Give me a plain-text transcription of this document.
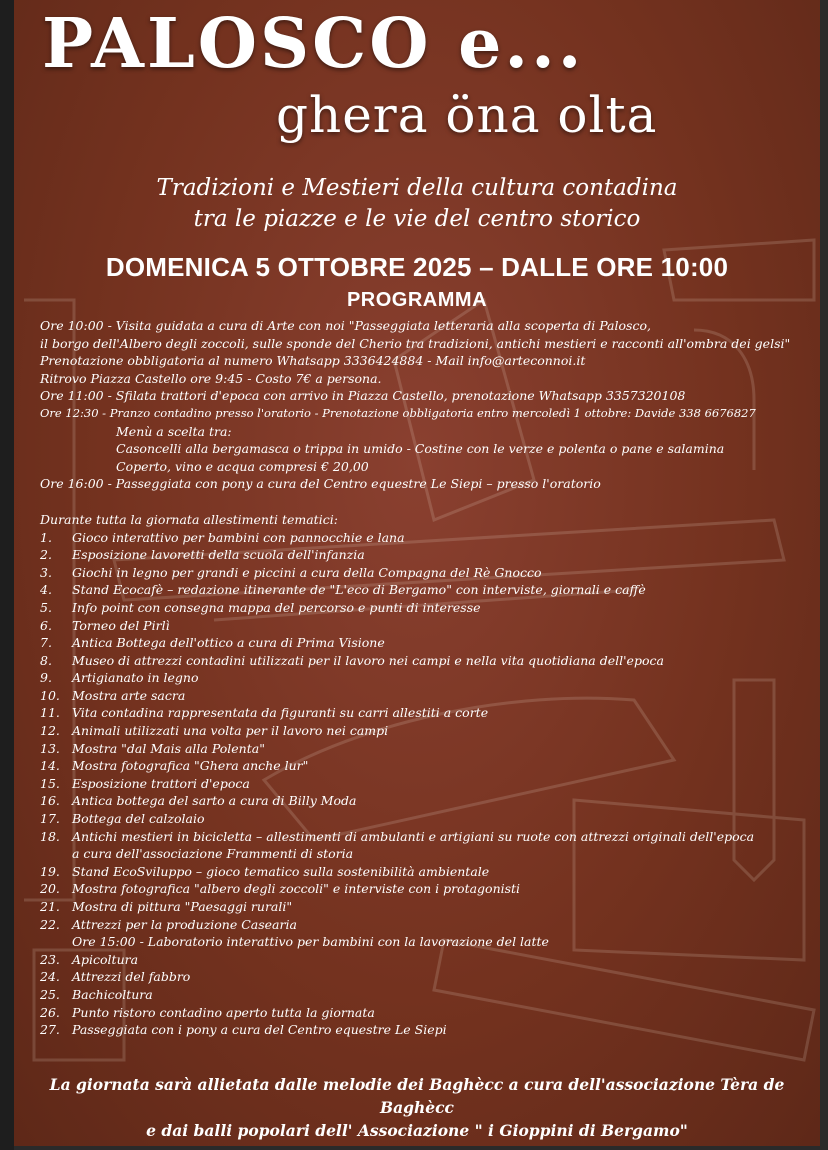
PALOSCO e...
ghera öna olta
Tradizioni e Mestieri della cultura contadina
tra le piazze e le vie del centro storico
DOMENICA 5 OTTOBRE 2025 – DALLE ORE 10:00
PROGRAMMA
Ore 10:00 - Visita guidata a cura di Arte con noi "Passeggiata letteraria alla scoperta di Palosco,
il borgo dell'Albero degli zoccoli, sulle sponde del Cherio tra tradizioni, antichi mestieri e racconti all'ombra dei gelsi"
Prenotazione obbligatoria al numero Whatsapp 3336424884 - Mail info@arteconnoi.it
Ritrovo Piazza Castello ore 9:45 - Costo 7€ a persona.
Ore 11:00 - Sfilata trattori d'epoca con arrivo in Piazza Castello, prenotazione Whatsapp 3357320108
Ore 12:30 - Pranzo contadino presso l'oratorio - Prenotazione obbligatoria entro mercoledì 1 ottobre: Davide 338 6676827
Menù a scelta tra:
Casoncelli alla bergamasca o trippa in umido - Costine con le verze e polenta o pane e salamina
Coperto, vino e acqua compresi € 20,00
Ore 16:00 - Passeggiata con pony a cura del Centro equestre Le Siepi – presso l'oratorio
Durante tutta la giornata allestimenti tematici:
1. Gioco interattivo per bambini con pannocchie e lana
2. Esposizione lavoretti della scuola dell'infanzia
3. Giochi in legno per grandi e piccini a cura della Compagna del Rè Gnocco
4. Stand Ecocafè – redazione itinerante de "L'eco di Bergamo" con interviste, giornali e caffè
5. Info point con consegna mappa del percorso e punti di interesse
6. Torneo del Pirlì
7. Antica Bottega dell'ottico a cura di Prima Visione
8. Museo di attrezzi contadini utilizzati per il lavoro nei campi e nella vita quotidiana dell'epoca
9. Artigianato in legno
10. Mostra arte sacra
11. Vita contadina rappresentata da figuranti su carri allestiti a corte
12. Animali utilizzati una volta per il lavoro nei campi
13. Mostra "dal Mais alla Polenta"
14. Mostra fotografica "Ghera anche lur"
15. Esposizione trattori d'epoca
16. Antica bottega del sarto a cura di Billy Moda
17. Bottega del calzolaio
18. Antichi mestieri in bicicletta – allestimenti di ambulanti e artigiani su ruote con attrezzi originali dell'epoca
a cura dell'associazione Frammenti di storia
19. Stand EcoSviluppo – gioco tematico sulla sostenibilità ambientale
20. Mostra fotografica "albero degli zoccoli" e interviste con i protagonisti
21. Mostra di pittura "Paesaggi rurali"
22. Attrezzi per la produzione Casearia
Ore 15:00 - Laboratorio interattivo per bambini con la lavorazione del latte
23. Apicoltura
24. Attrezzi del fabbro
25. Bachicoltura
26. Punto ristoro contadino aperto tutta la giornata
27. Passeggiata con i pony a cura del Centro equestre Le Siepi
La giornata sarà allietata dalle melodie dei Baghècc a cura dell'associazione Tèra de Baghècc
e dai balli popolari dell' Associazione " i Gioppini di Bergamo"
